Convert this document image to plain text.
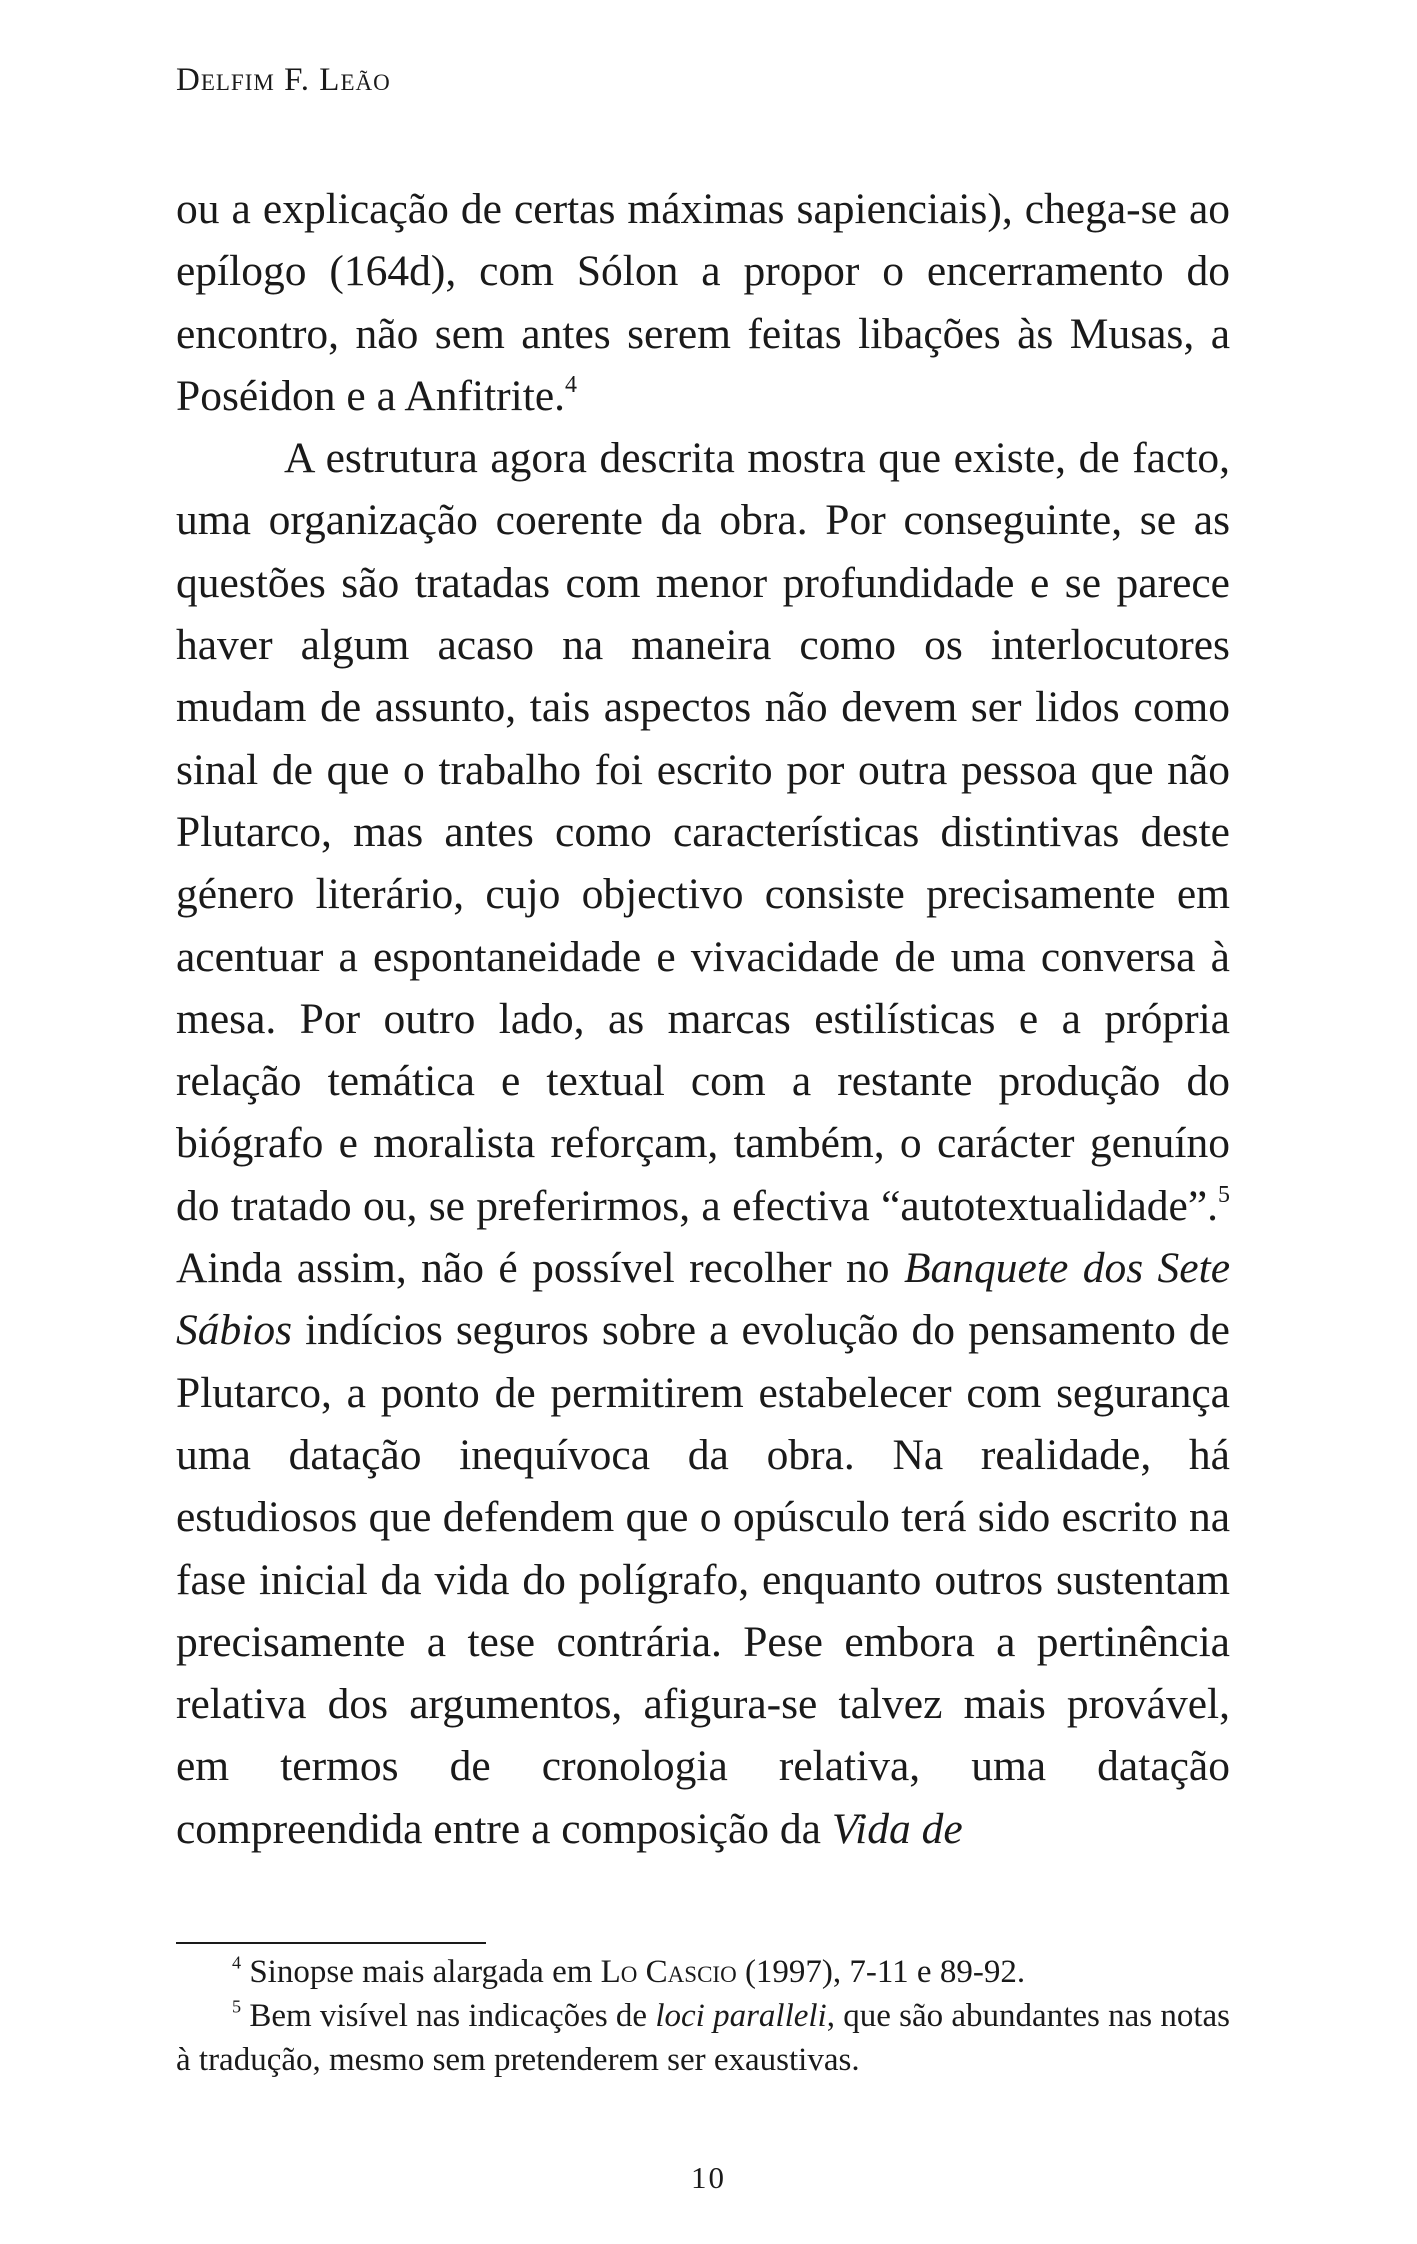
Delfim F. Leão

ou a explicação de certas máximas sapienciais), chega-se ao epílogo (164d), com Sólon a propor o encerramento do encontro, não sem antes serem feitas libações às Musas, a Poséidon e a Anfitrite.$^4$

A estrutura agora descrita mostra que existe, de facto, uma organização coerente da obra. Por conseguinte, se as questões são tratadas com menor profundidade e se parece haver algum acaso na maneira como os interlocutores mudam de assunto, tais aspectos não devem ser lidos como sinal de que o trabalho foi escrito por outra pessoa que não Plutarco, mas antes como características distintivas deste género literário, cujo objectivo consiste precisamente em acentuar a espontaneidade e vivacidade de uma conversa à mesa. Por outro lado, as marcas estilísticas e a própria relação temática e textual com a restante produção do biógrafo e moralista reforçam, também, o carácter genuíno do tratado ou, se preferirmos, a efectiva “autotextualidade”.$^5$ Ainda assim, não é possível recolher no Banquete dos Sete Sábios indícios seguros sobre a evolução do pensamento de Plutarco, a ponto de permitirem estabelecer com segurança uma datação inequívoca da obra. Na realidade, há estudiosos que defendem que o opúsculo terá sido escrito na fase inicial da vida do polígrafo, enquanto outros sustentam precisamente a tese contrária. Pese embora a pertinência relativa dos argumentos, afigura-se talvez mais provável, em termos de cronologia relativa, uma datação compreendida entre a composição da Vida de

$^4$ Sinopse mais alargada em Lo Cascio (1997), 7-11 e 89-92.

$^5$ Bem visível nas indicações de loci paralleli, que são abundantes nas notas à tradução, mesmo sem pretenderem ser exaustivas.

10
